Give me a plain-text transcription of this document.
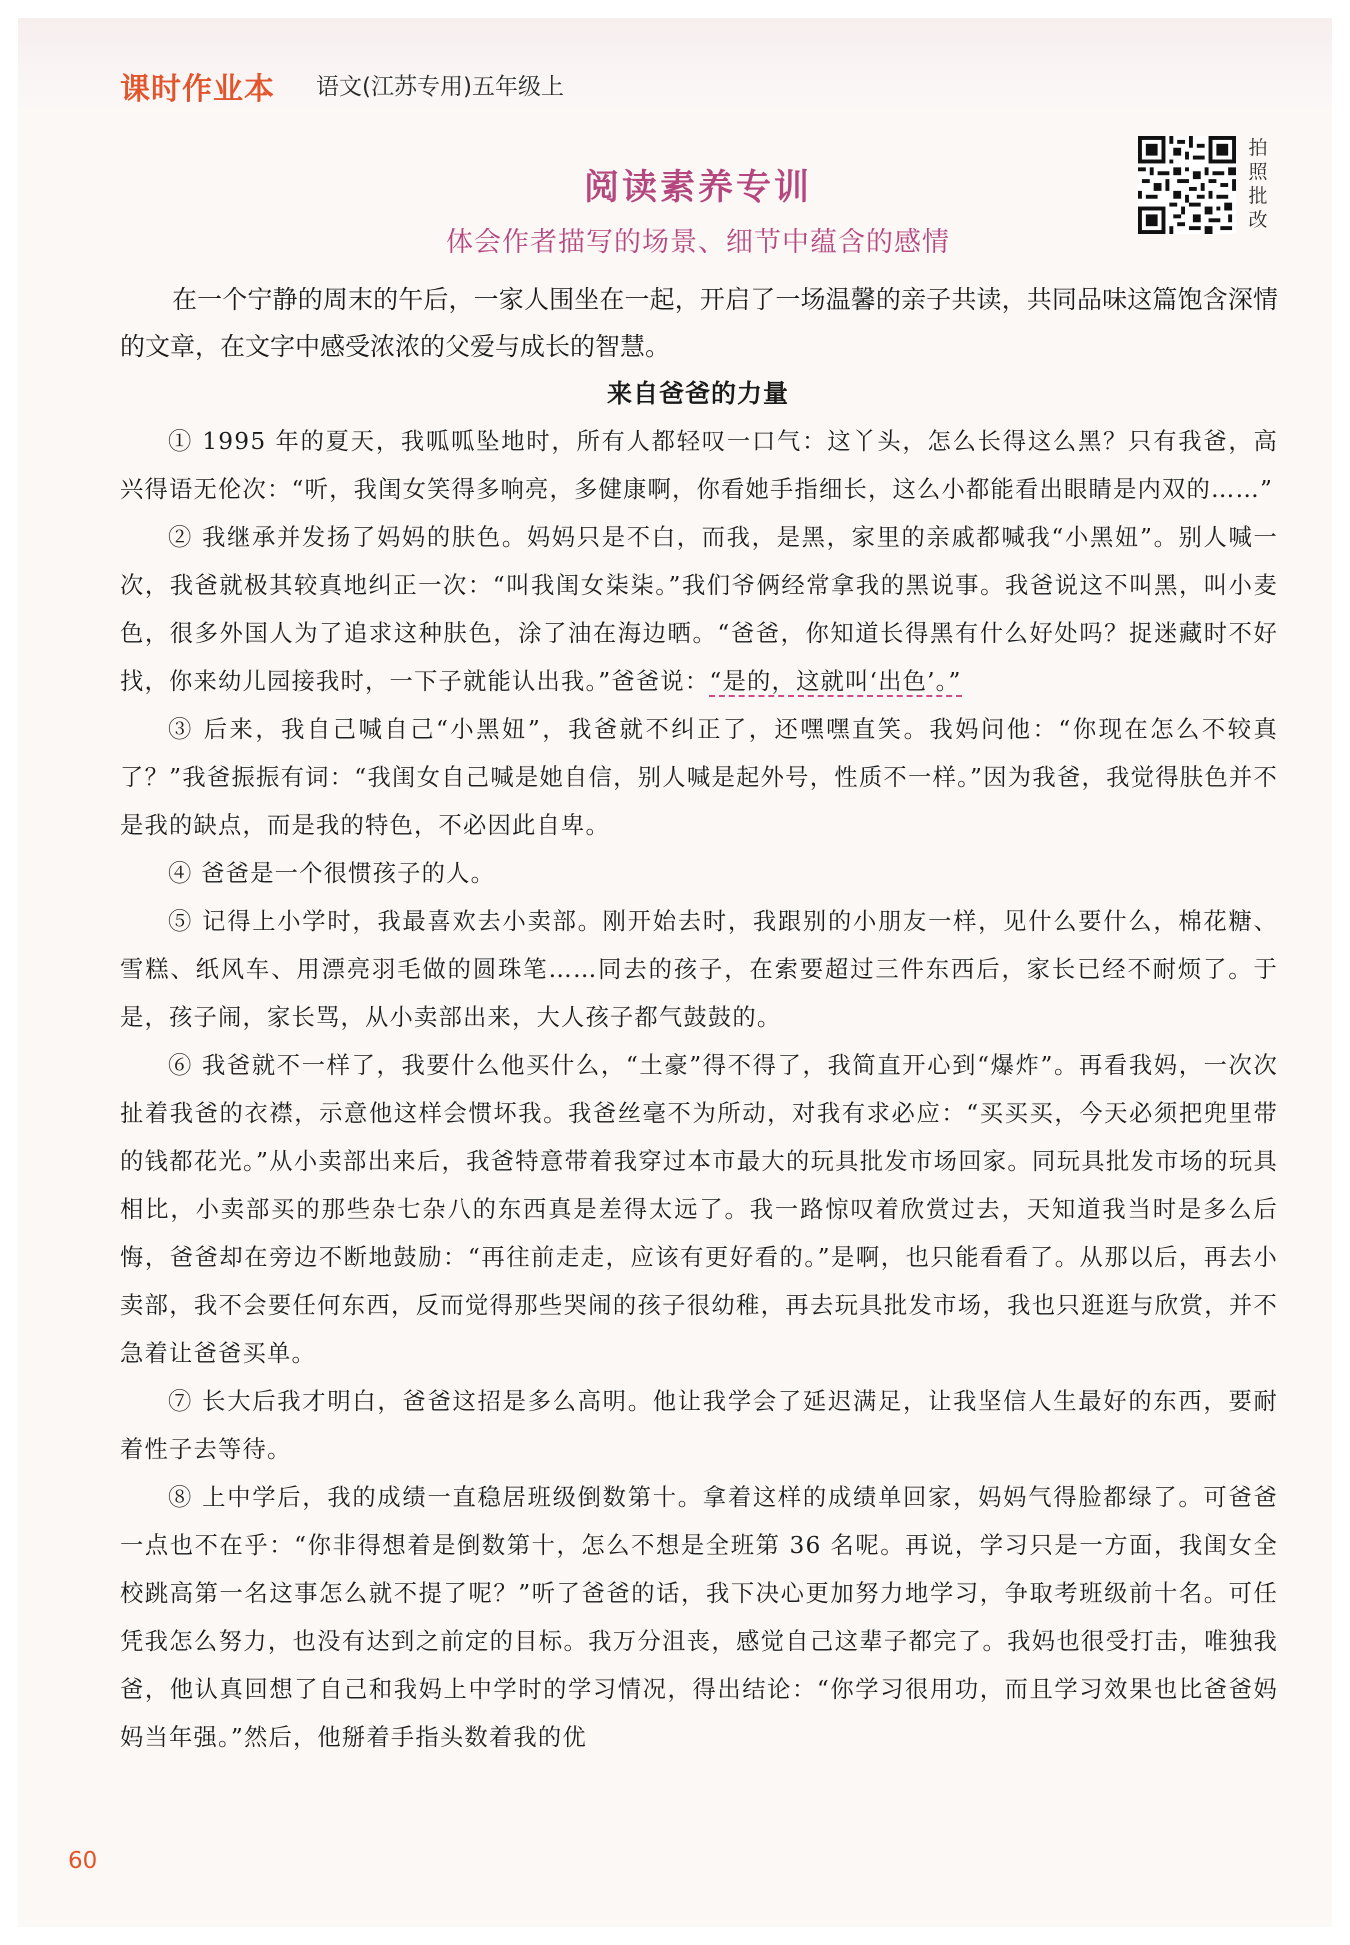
课时作业本 语文(江苏专用)五年级上
拍照批改
阅读素养专训
体会作者描写的场景、细节中蕴含的感情

在一个宁静的周末的午后，一家人围坐在一起，开启了一场温馨的亲子共读，共同品味这篇饱含深情的文章，在文字中感受浓浓的父爱与成长的智慧。

来自爸爸的力量

① 1995 年的夏天，我呱呱坠地时，所有人都轻叹一口气：这丫头，怎么长得这么黑？只有我爸，高兴得语无伦次：“听，我闺女笑得多响亮，多健康啊，你看她手指细长，这么小都能看出眼睛是内双的……”

② 我继承并发扬了妈妈的肤色。妈妈只是不白，而我，是黑，家里的亲戚都喊我“小黑妞”。别人喊一次，我爸就极其较真地纠正一次：“叫我闺女柒柒。”我们爷俩经常拿我的黑说事。我爸说这不叫黑，叫小麦色，很多外国人为了追求这种肤色，涂了油在海边晒。“爸爸，你知道长得黑有什么好处吗？捉迷藏时不好找，你来幼儿园接我时，一下子就能认出我。”爸爸说：“是的，这就叫‘出色’。”

③ 后来，我自己喊自己“小黑妞”，我爸就不纠正了，还嘿嘿直笑。我妈问他：“你现在怎么不较真了？”我爸振振有词：“我闺女自己喊是她自信，别人喊是起外号，性质不一样。”因为我爸，我觉得肤色并不是我的缺点，而是我的特色，不必因此自卑。

④ 爸爸是一个很惯孩子的人。

⑤ 记得上小学时，我最喜欢去小卖部。刚开始去时，我跟别的小朋友一样，见什么要什么，棉花糖、雪糕、纸风车、用漂亮羽毛做的圆珠笔……同去的孩子，在索要超过三件东西后，家长已经不耐烦了。于是，孩子闹，家长骂，从小卖部出来，大人孩子都气鼓鼓的。

⑥ 我爸就不一样了，我要什么他买什么，“土豪”得不得了，我简直开心到“爆炸”。再看我妈，一次次扯着我爸的衣襟，示意他这样会惯坏我。我爸丝毫不为所动，对我有求必应：“买买买，今天必须把兜里带的钱都花光。”从小卖部出来后，我爸特意带着我穿过本市最大的玩具批发市场回家。同玩具批发市场的玩具相比，小卖部买的那些杂七杂八的东西真是差得太远了。我一路惊叹着欣赏过去，天知道我当时是多么后悔，爸爸却在旁边不断地鼓励：“再往前走走，应该有更好看的。”是啊，也只能看看了。从那以后，再去小卖部，我不会要任何东西，反而觉得那些哭闹的孩子很幼稚，再去玩具批发市场，我也只逛逛与欣赏，并不急着让爸爸买单。

⑦ 长大后我才明白，爸爸这招是多么高明。他让我学会了延迟满足，让我坚信人生最好的东西，要耐着性子去等待。

⑧ 上中学后，我的成绩一直稳居班级倒数第十。拿着这样的成绩单回家，妈妈气得脸都绿了。可爸爸一点也不在乎：“你非得想着是倒数第十，怎么不想是全班第 36 名呢。再说，学习只是一方面，我闺女全校跳高第一名这事怎么就不提了呢？”听了爸爸的话，我下决心更加努力地学习，争取考班级前十名。可任凭我怎么努力，也没有达到之前定的目标。我万分沮丧，感觉自己这辈子都完了。我妈也很受打击，唯独我爸，他认真回想了自己和我妈上中学时的学习情况，得出结论：“你学习很用功，而且学习效果也比爸爸妈妈当年强。”然后，他掰着手指头数着我的优

60
